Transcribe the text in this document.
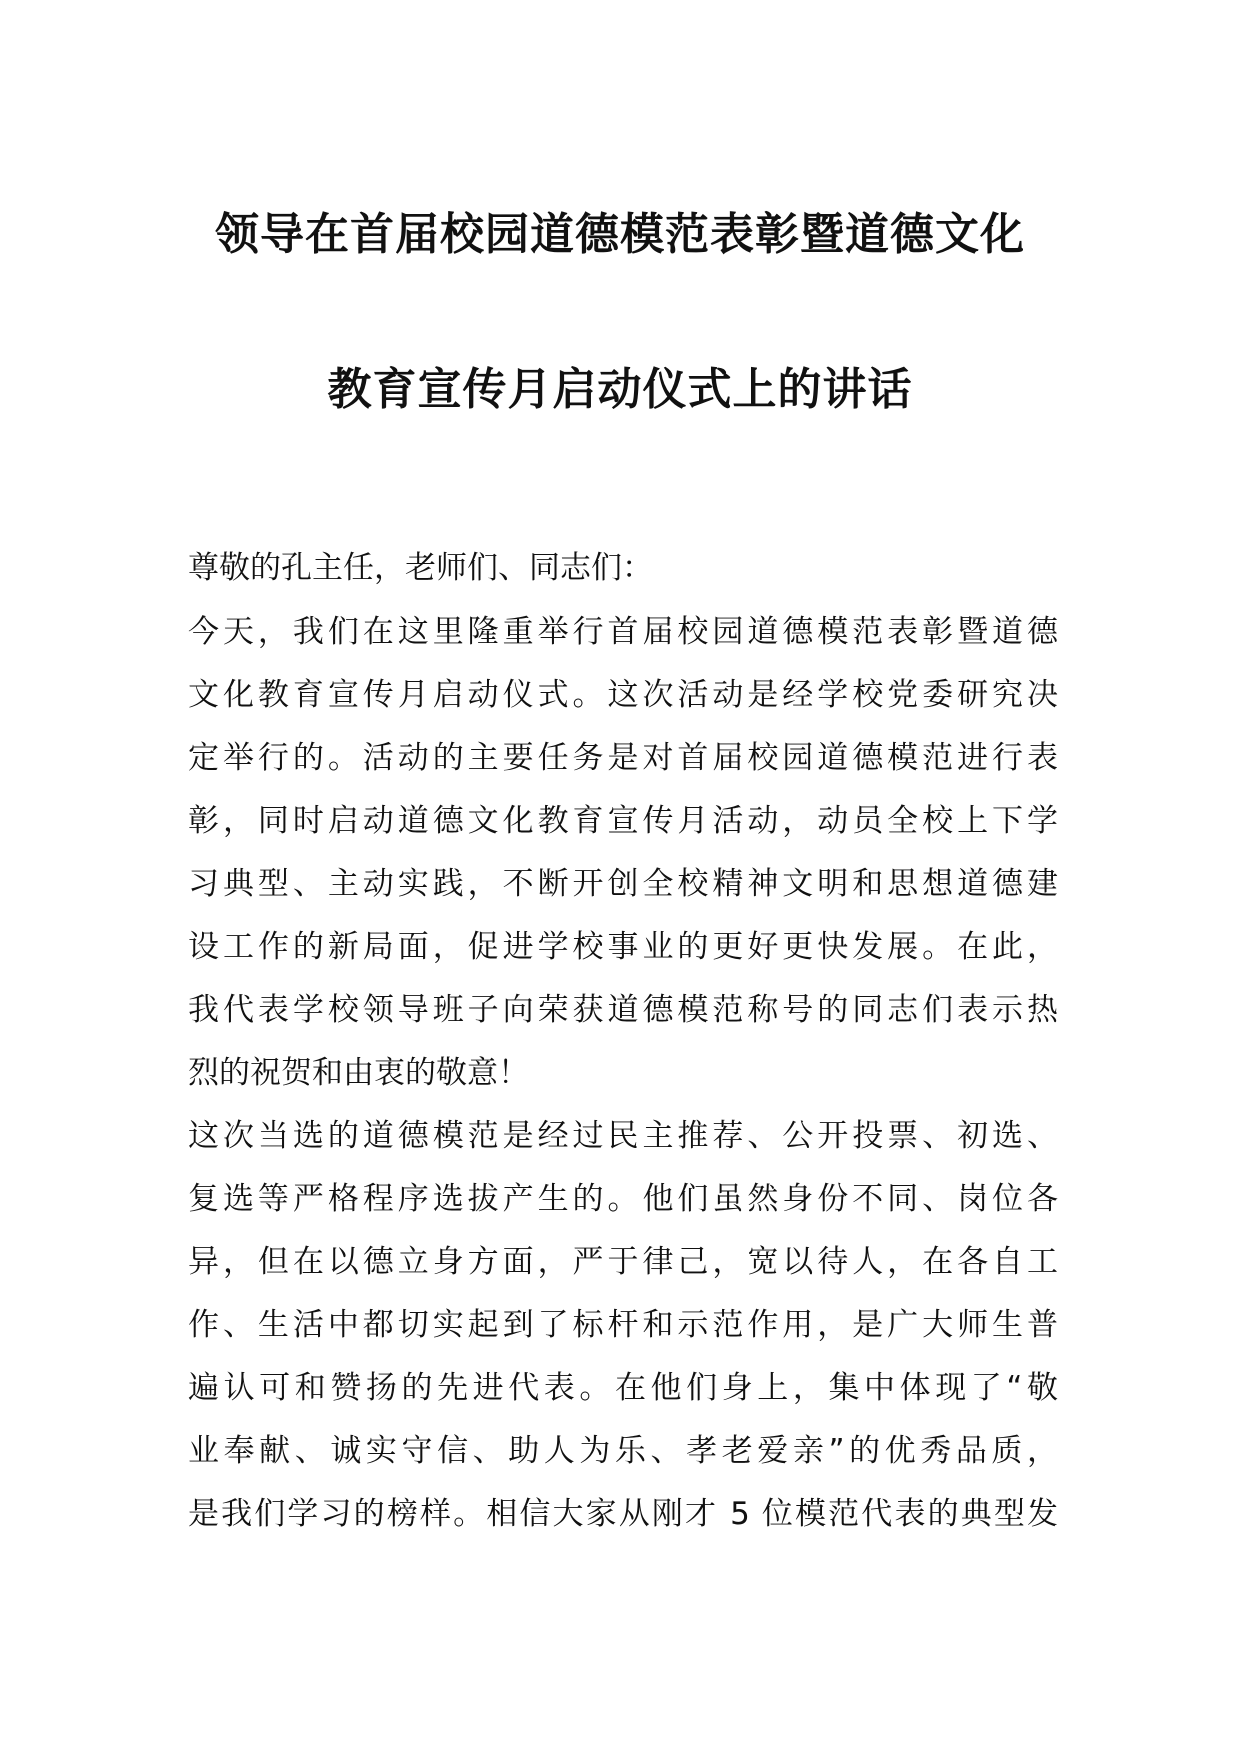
领导在首届校园道德模范表彰暨道德文化
教育宣传月启动仪式上的讲话
尊敬的孔主任，老师们、同志们：
今天，我们在这里隆重举行首届校园道德模范表彰暨道德
文化教育宣传月启动仪式。这次活动是经学校党委研究决
定举行的。活动的主要任务是对首届校园道德模范进行表
彰，同时启动道德文化教育宣传月活动，动员全校上下学
习典型、主动实践，不断开创全校精神文明和思想道德建
设工作的新局面，促进学校事业的更好更快发展。在此，
我代表学校领导班子向荣获道德模范称号的同志们表示热
烈的祝贺和由衷的敬意！
这次当选的道德模范是经过民主推荐、公开投票、初选、
复选等严格程序选拔产生的。他们虽然身份不同、岗位各
异，但在以德立身方面，严于律己，宽以待人，在各自工
作、生活中都切实起到了标杆和示范作用，是广大师生普
遍认可和赞扬的先进代表。在他们身上，集中体现了“敬
业奉献、诚实守信、助人为乐、孝老爱亲”的优秀品质，
是我们学习的榜样。相信大家从刚才 5 位模范代表的典型发
